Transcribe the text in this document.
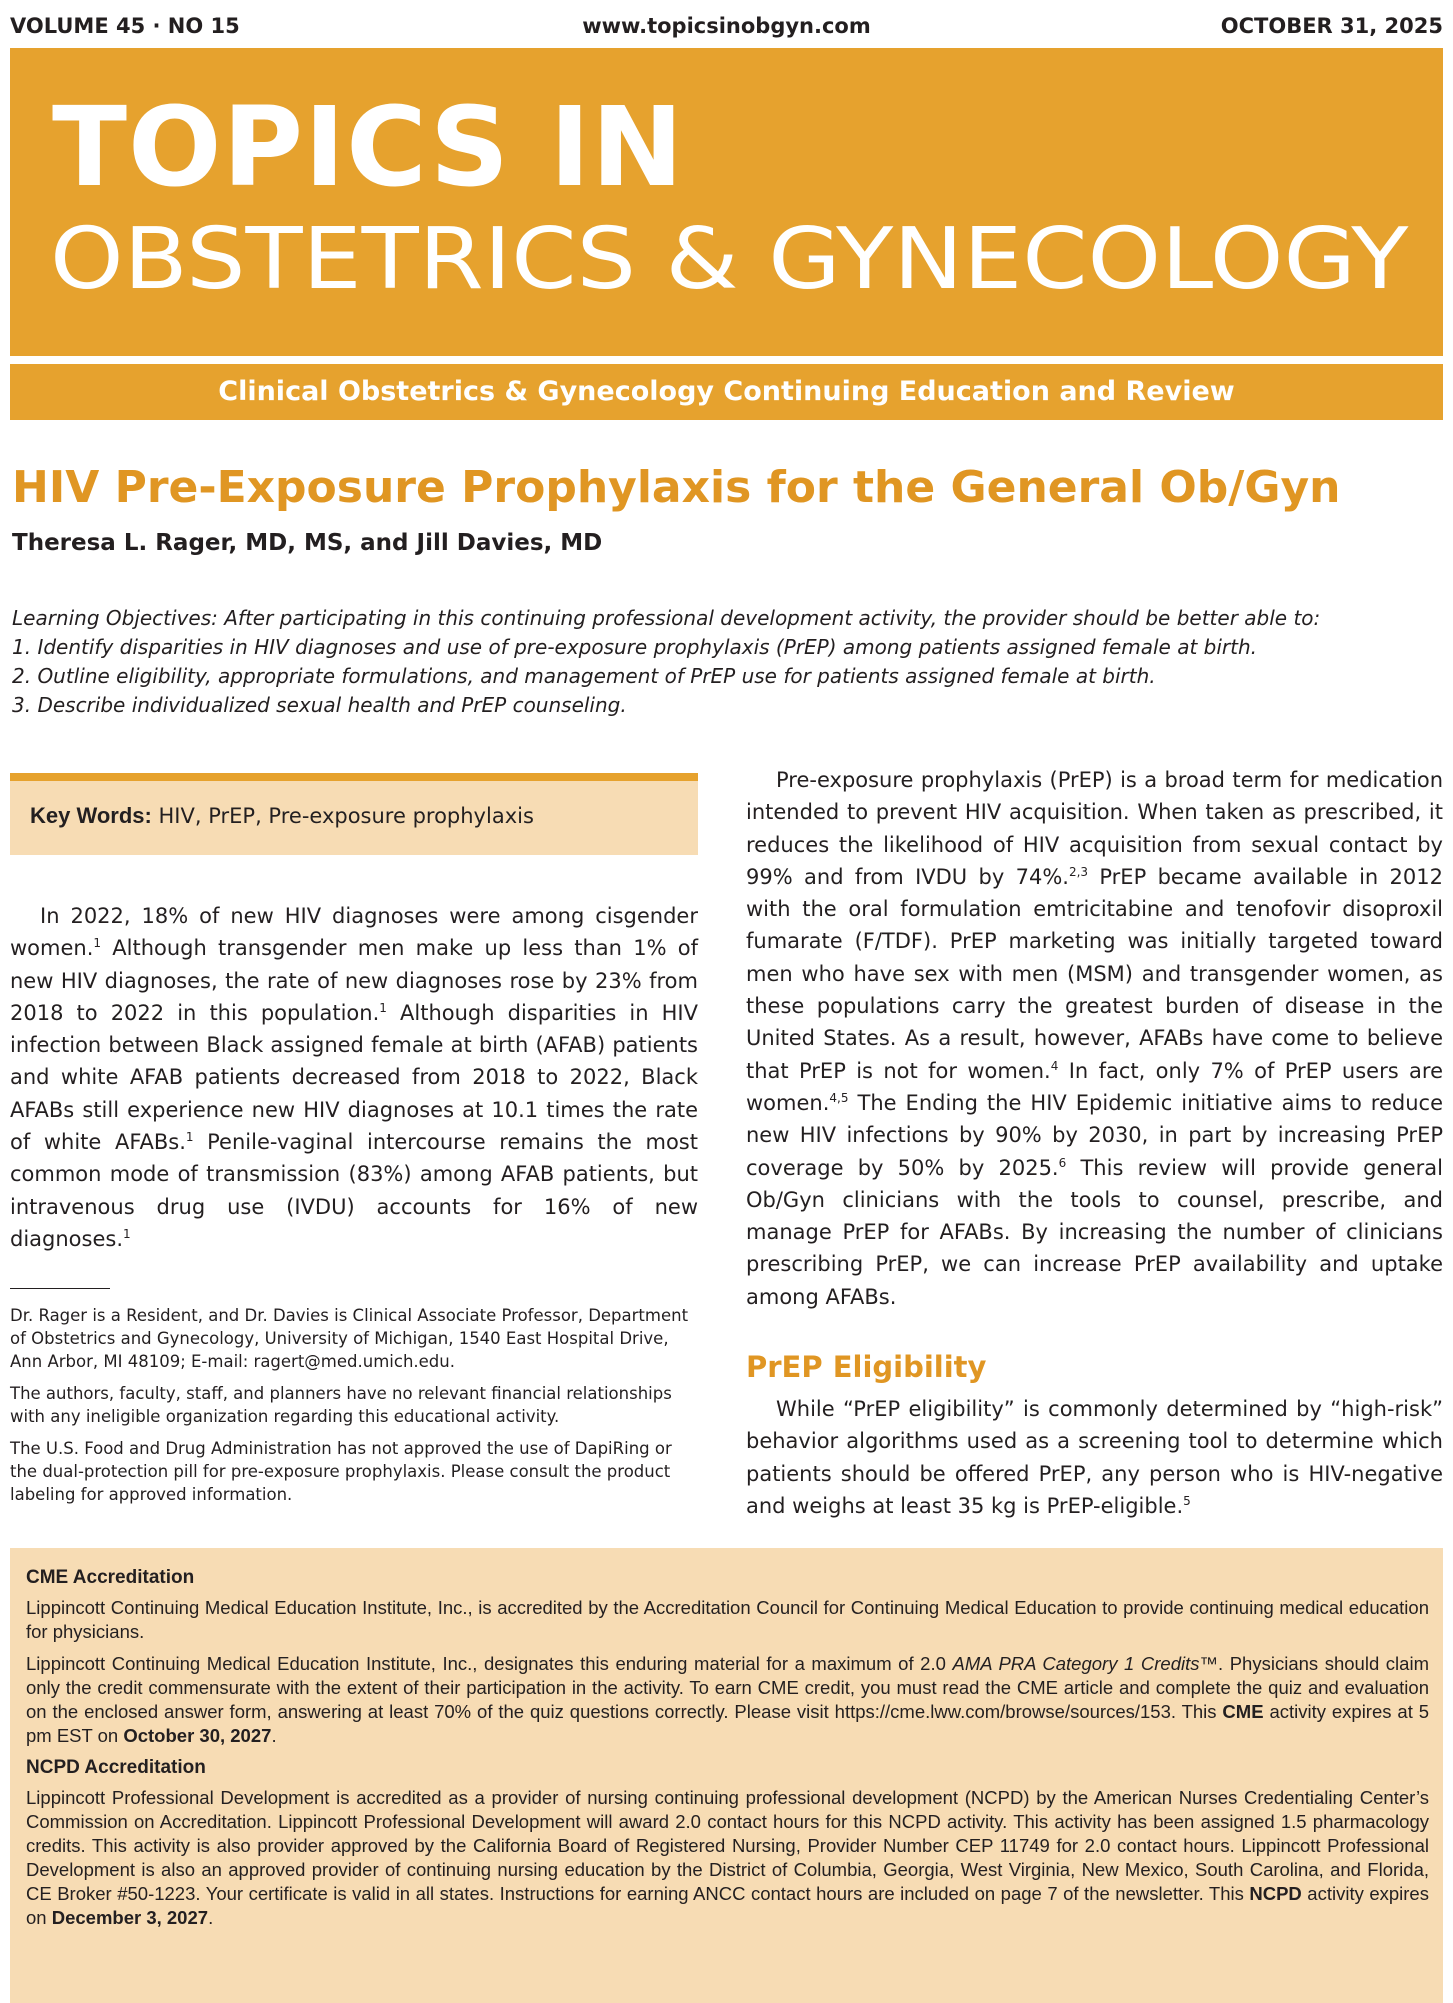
VOLUME 45 · NO 15	www.topicsinobgyn.com	OCTOBER 31, 2025
TOPICS IN
OBSTETRICS & GYNECOLOGY
Clinical Obstetrics & Gynecology Continuing Education and Review
HIV Pre-Exposure Prophylaxis for the General Ob/Gyn
Theresa L. Rager, MD, MS, and Jill Davies, MD
Learning Objectives: After participating in this continuing professional development activity, the provider should be better able to:
1. Identify disparities in HIV diagnoses and use of pre-exposure prophylaxis (PrEP) among patients assigned female at birth.
2. Outline eligibility, appropriate formulations, and management of PrEP use for patients assigned female at birth.
3. Describe individualized sexual health and PrEP counseling.
Key Words: HIV, PrEP, Pre-exposure prophylaxis

In 2022, 18% of new HIV diagnoses were among cisgender women.$^1$ Although transgender men make up less than 1% of new HIV diagnoses, the rate of new diagnoses rose by 23% from 2018 to 2022 in this population.$^1$ Although disparities in HIV infection between Black assigned female at birth (AFAB) patients and white AFAB patients decreased from 2018 to 2022, Black AFABs still experience new HIV diagnoses at 10.1 times the rate of white AFABs.$^1$ Penile-vaginal intercourse remains the most common mode of transmission (83%) among AFAB patients, but intravenous drug use (IVDU) accounts for 16% of new diagnoses.$^1$

Dr. Rager is a Resident, and Dr. Davies is Clinical Associate Professor, Department of Obstetrics and Gynecology, University of Michigan, 1540 East Hospital Drive, Ann Arbor, MI 48109; E-mail: ragert@med.umich.edu.

The authors, faculty, staff, and planners have no relevant financial relationships with any ineligible organization regarding this educational activity.

The U.S. Food and Drug Administration has not approved the use of DapiRing or the dual-protection pill for pre-exposure prophylaxis. Please consult the product labeling for approved information.

Pre-exposure prophylaxis (PrEP) is a broad term for medication intended to prevent HIV acquisition. When taken as prescribed, it reduces the likelihood of HIV acquisition from sexual contact by 99% and from IVDU by 74%.$^{2,3}$ PrEP became available in 2012 with the oral formulation emtricitabine and tenofovir disoproxil fumarate (F/TDF). PrEP marketing was initially targeted toward men who have sex with men (MSM) and transgender women, as these populations carry the greatest burden of disease in the United States. As a result, however, AFABs have come to believe that PrEP is not for women.$^4$ In fact, only 7% of PrEP users are women.$^{4,5}$ The Ending the HIV Epidemic initiative aims to reduce new HIV infections by 90% by 2030, in part by increasing PrEP coverage by 50% by 2025.$^6$ This review will provide general Ob/Gyn clinicians with the tools to counsel, prescribe, and manage PrEP for AFABs. By increasing the number of clinicians prescribing PrEP, we can increase PrEP availability and uptake among AFABs.

PrEP Eligibility

While “PrEP eligibility” is commonly determined by “high-risk” behavior algorithms used as a screening tool to determine which patients should be offered PrEP, any person who is HIV-negative and weighs at least 35 kg is PrEP-eligible.$^5$

CME Accreditation

Lippincott Continuing Medical Education Institute, Inc., is accredited by the Accreditation Council for Continuing Medical Education to provide continuing medical education for physicians.

Lippincott Continuing Medical Education Institute, Inc., designates this enduring material for a maximum of 2.0 AMA PRA Category 1 Credits™. Physicians should claim only the credit commensurate with the extent of their participation in the activity. To earn CME credit, you must read the CME article and complete the quiz and evaluation on the enclosed answer form, answering at least 70% of the quiz questions correctly. Please visit https://cme.lww.com/browse/sources/153. This CME activity expires at 5 pm EST on October 30, 2027.

NCPD Accreditation

Lippincott Professional Development is accredited as a provider of nursing continuing professional development (NCPD) by the American Nurses Credentialing Center’s Commission on Accreditation. Lippincott Professional Development will award 2.0 contact hours for this NCPD activity. This activity has been assigned 1.5 pharmacology credits. This activity is also provider approved by the California Board of Registered Nursing, Provider Number CEP 11749 for 2.0 contact hours. Lippincott Professional Development is also an approved provider of continuing nursing education by the District of Columbia, Georgia, West Virginia, New Mexico, South Carolina, and Florida, CE Broker #50-1223. Your certificate is valid in all states. Instructions for earning ANCC contact hours are included on page 7 of the newsletter. This NCPD activity expires on December 3, 2027.
